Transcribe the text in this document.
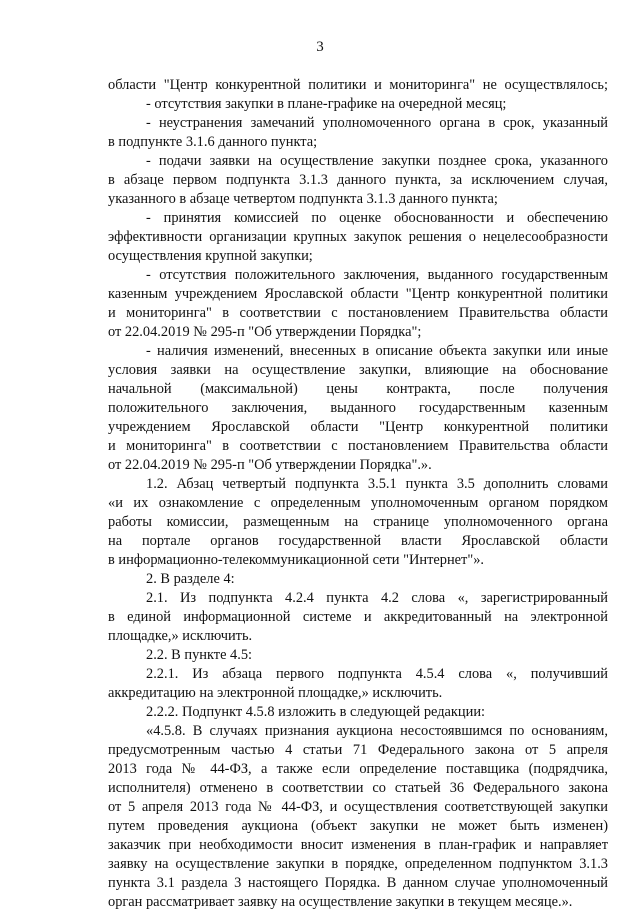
3
области "Центр конкурентной политики и мониторинга" не осуществлялось;
- отсутствия закупки в плане-графике на очередной месяц;
- неустранения замечаний уполномоченного органа в срок, указанный
в подпункте 3.1.6 данного пункта;
- подачи заявки на осуществление закупки позднее срока, указанного
в абзаце первом подпункта 3.1.3 данного пункта, за исключением случая,
указанного в абзаце четвертом подпункта 3.1.3 данного пункта;
- принятия комиссией по оценке обоснованности и обеспечению
эффективности организации крупных закупок решения о нецелесообразности
осуществления крупной закупки;
- отсутствия положительного заключения, выданного государственным
казенным учреждением Ярославской области "Центр конкурентной политики
и мониторинга" в соответствии с постановлением Правительства области
от 22.04.2019 № 295-п "Об утверждении Порядка";
- наличия изменений, внесенных в описание объекта закупки или иные
условия заявки на осуществление закупки, влияющие на обоснование
начальной (максимальной) цены контракта, после получения
положительного заключения, выданного государственным казенным
учреждением Ярославской области "Центр конкурентной политики
и мониторинга" в соответствии с постановлением Правительства области
от 22.04.2019 № 295-п "Об утверждении Порядка".».
1.2. Абзац четвертый подпункта 3.5.1 пункта 3.5 дополнить словами
«и их ознакомление с определенным уполномоченным органом порядком
работы комиссии, размещенным на странице уполномоченного органа
на портале органов государственной власти Ярославской области
в информационно-телекоммуникационной сети "Интернет"».
2. В разделе 4:
2.1. Из подпункта 4.2.4 пункта 4.2 слова «, зарегистрированный
в единой информационной системе и аккредитованный на электронной
площадке,» исключить.
2.2. В пункте 4.5:
2.2.1. Из абзаца первого подпункта 4.5.4 слова «, получивший
аккредитацию на электронной площадке,» исключить.
2.2.2. Подпункт 4.5.8 изложить в следующей редакции:
«4.5.8. В случаях признания аукциона несостоявшимся по основаниям,
предусмотренным частью 4 статьи 71 Федерального закона от 5 апреля
2013 года № 44-ФЗ, а также если определение поставщика (подрядчика,
исполнителя) отменено в соответствии со статьей 36 Федерального закона
от 5 апреля 2013 года № 44-ФЗ, и осуществления соответствующей закупки
путем проведения аукциона (объект закупки не может быть изменен)
заказчик при необходимости вносит изменения в план-график и направляет
заявку на осуществление закупки в порядке, определенном подпунктом 3.1.3
пункта 3.1 раздела 3 настоящего Порядка. В данном случае уполномоченный
орган рассматривает заявку на осуществление закупки в текущем месяце.».
